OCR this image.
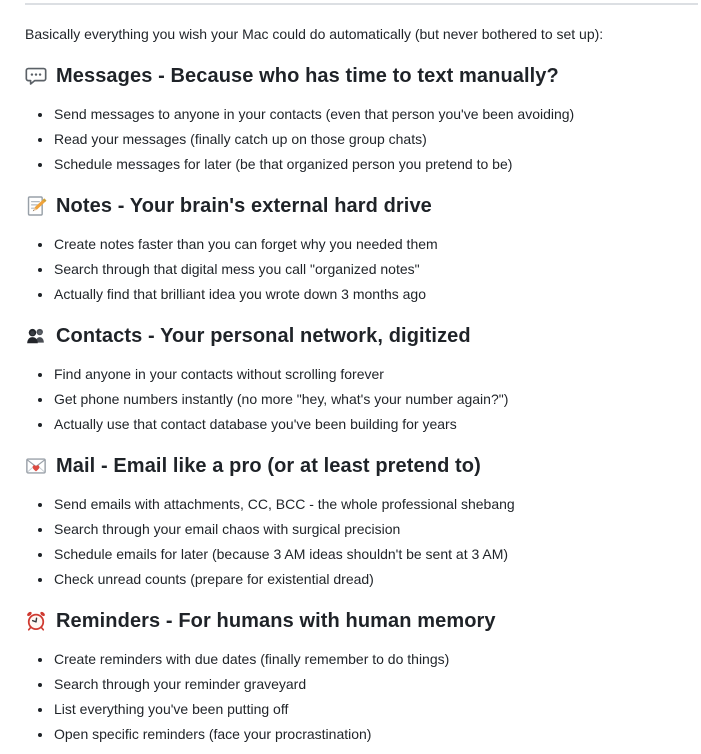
Basically everything you wish your Mac could do automatically (but never bothered to set up):

Messages - Because who has time to text manually?
• Send messages to anyone in your contacts (even that person you've been avoiding)
• Read your messages (finally catch up on those group chats)
• Schedule messages for later (be that organized person you pretend to be)
Notes - Your brain's external hard drive
• Create notes faster than you can forget why you needed them
• Search through that digital mess you call "organized notes"
• Actually find that brilliant idea you wrote down 3 months ago
Contacts - Your personal network, digitized
• Find anyone in your contacts without scrolling forever
• Get phone numbers instantly (no more "hey, what's your number again?")
• Actually use that contact database you've been building for years
Mail - Email like a pro (or at least pretend to)
• Send emails with attachments, CC, BCC - the whole professional shebang
• Search through your email chaos with surgical precision
• Schedule emails for later (because 3 AM ideas shouldn't be sent at 3 AM)
• Check unread counts (prepare for existential dread)
Reminders - For humans with human memory
• Create reminders with due dates (finally remember to do things)
• Search through your reminder graveyard
• List everything you've been putting off
• Open specific reminders (face your procrastination)
